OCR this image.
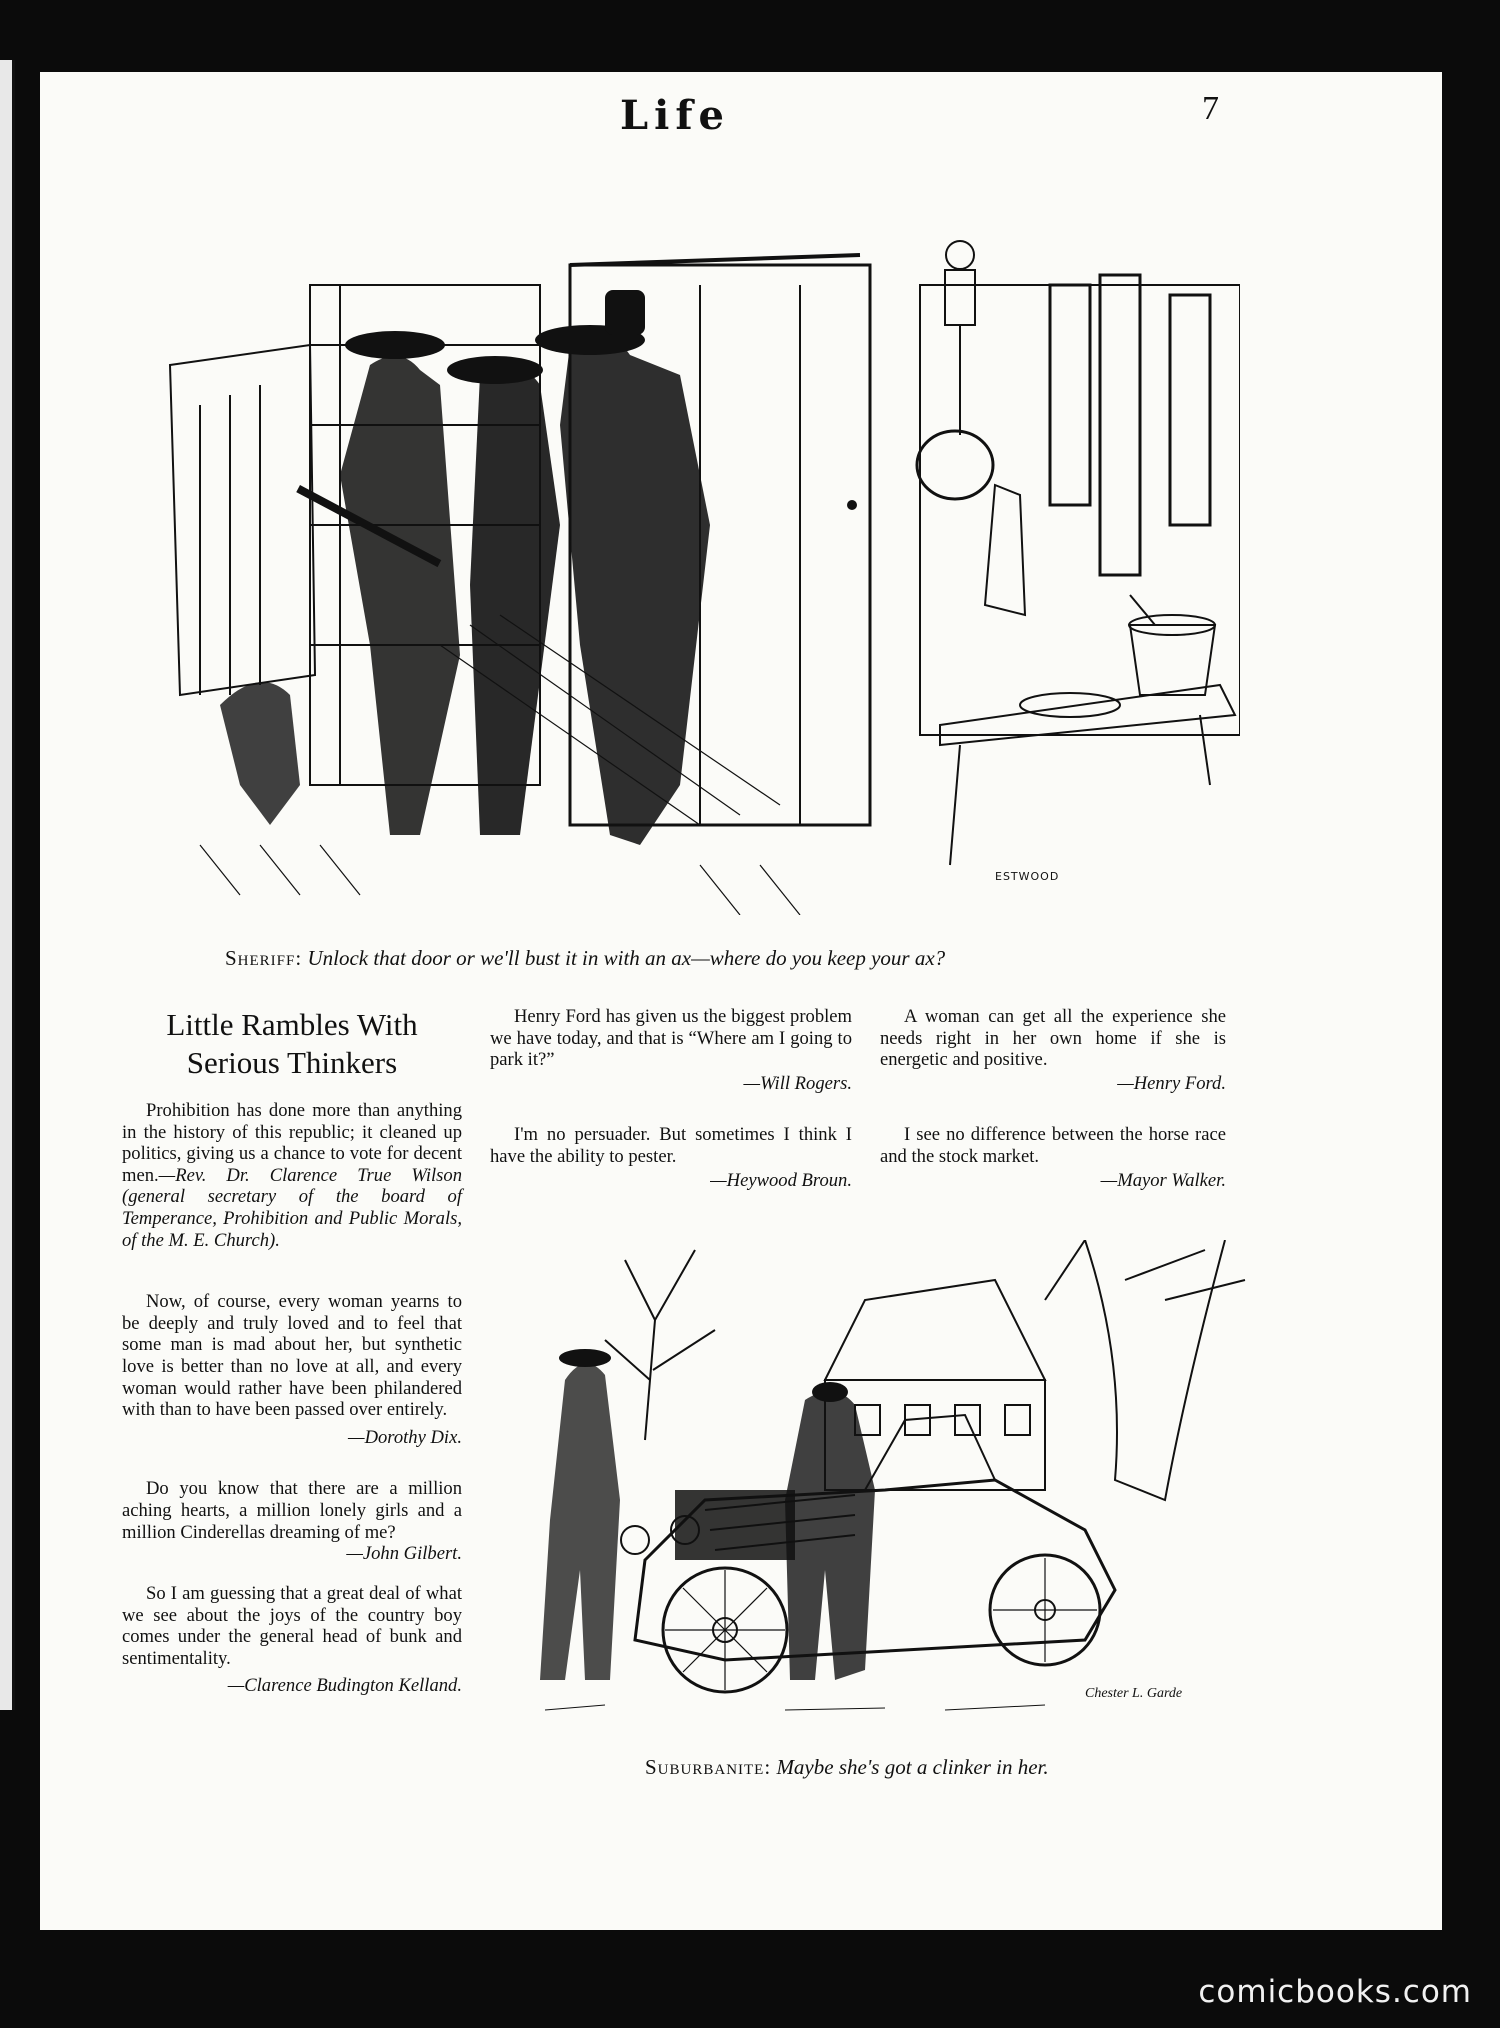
Life	7
ESTWOOD
Sheriff: Unlock that door or we'll bust it in with an ax—where do you keep your ax?
Little Rambles With
Serious Thinkers

Prohibition has done more than anything in the history of this republic; it cleaned up politics, giving us a chance to vote for decent men.—Rev. Dr. Clarence True Wilson (general secretary of the board of Temperance, Prohibition and Public Morals, of the M. E. Church).

Now, of course, every woman yearns to be deeply and truly loved and to feel that some man is mad about her, but synthetic love is better than no love at all, and every woman would rather have been philandered with than to have been passed over entirely.

—Dorothy Dix.

Do you know that there are a million aching hearts, a million lonely girls and a million Cinderellas dreaming of me?
—John Gilbert.

So I am guessing that a great deal of what we see about the joys of the country boy comes under the general head of bunk and sentimentality.

—Clarence Budington Kelland.

Henry Ford has given us the biggest problem we have today, and that is “Where am I going to park it?”

—Will Rogers.

I'm no persuader. But sometimes I think I have the ability to pester.

—Heywood Broun.

A woman can get all the experience she needs right in her own home if she is energetic and positive.

—Henry Ford.

I see no difference between the horse race and the stock market.

—Mayor Walker.

Chester L. Garde
Suburbanite: Maybe she's got a clinker in her.
comicbooks.com
